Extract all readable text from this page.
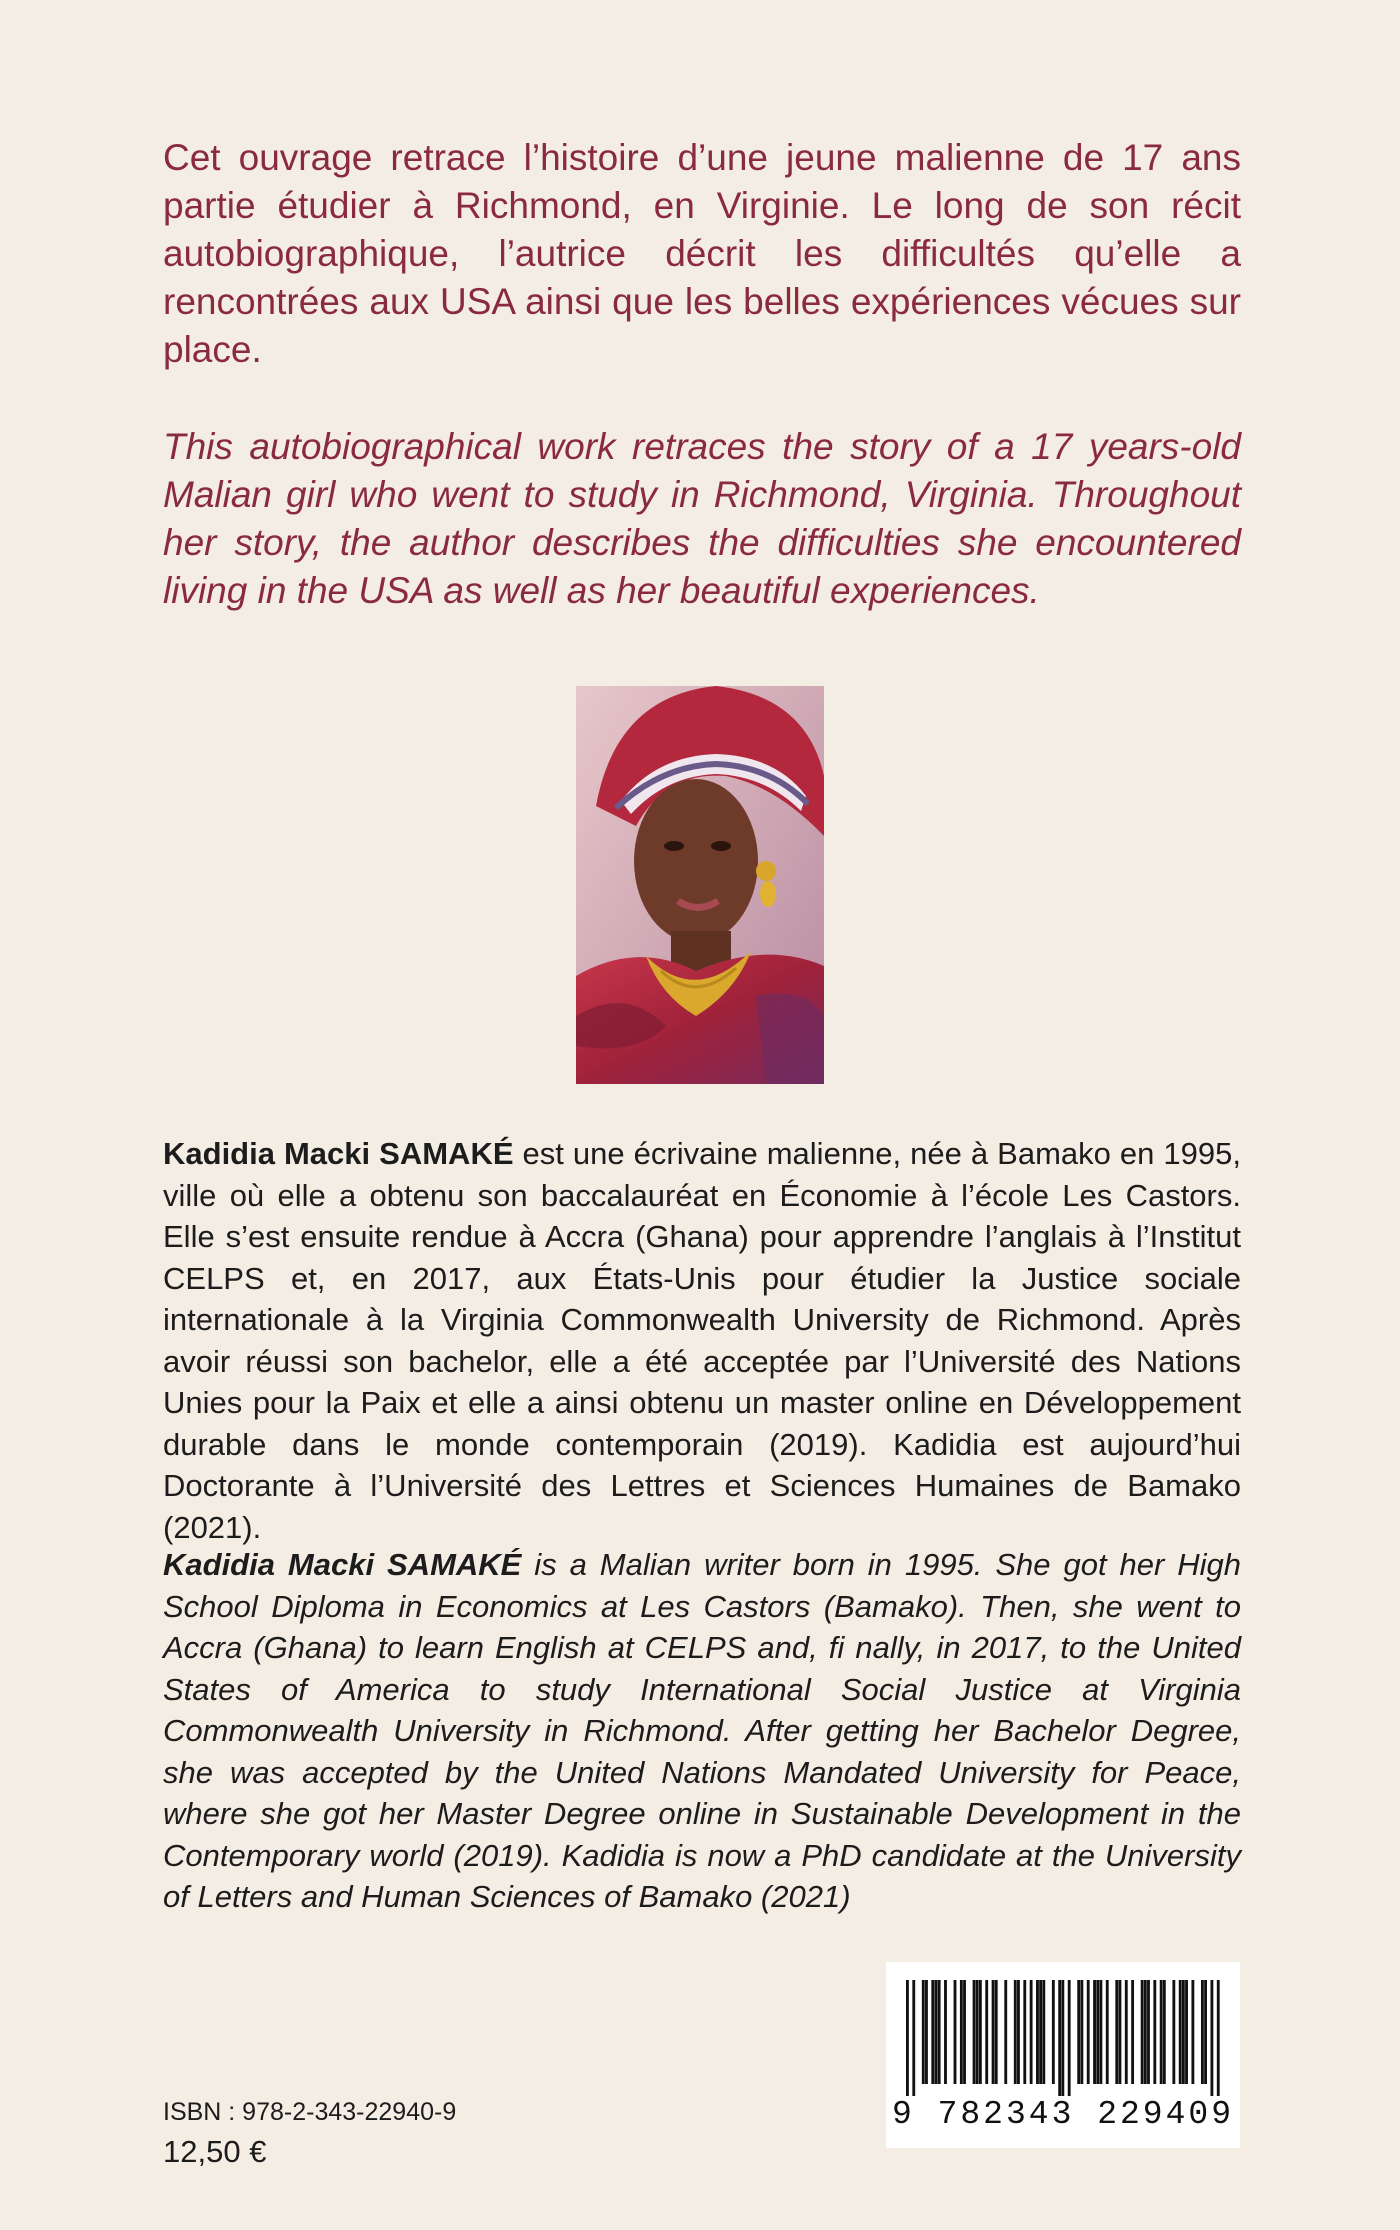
Cet ouvrage retrace l’histoire d’une jeune malienne de 17 ans partie étudier à Richmond, en Virginie. Le long de son récit autobiographique, l’autrice décrit les difficultés qu’elle a rencontrées aux USA ainsi que les belles expériences vécues sur place.

This autobiographical work retraces the story of a 17 years-old Malian girl who went to study in Richmond, Virginia. Throughout her story, the author describes the difficulties she encountered living in the USA as well as her beautiful experiences.

Kadidia Macki SAMAKÉ est une écrivaine malienne, née à Bamako en 1995, ville où elle a obtenu son baccalauréat en Économie à l’école Les Castors. Elle s’est ensuite rendue à Accra (Ghana) pour apprendre l’anglais à l’Institut CELPS et, en 2017, aux États-Unis pour étudier la Justice sociale internationale à la Virginia Commonwealth University de Richmond. Après avoir réussi son bachelor, elle a été acceptée par l’Université des Nations Unies pour la Paix et elle a ainsi obtenu un master online en Développement durable dans le monde contemporain (2019). Kadidia est aujourd’hui Doctorante à l’Université des Lettres et Sciences Humaines de Bamako (2021).

Kadidia Macki SAMAKÉ is a Malian writer born in 1995. She got her High School Diploma in Economics at Les Castors (Bamako). Then, she went to Accra (Ghana) to learn English at CELPS and, fi nally, in 2017, to the United States of America to study International Social Justice at Virginia Commonwealth University in Richmond. After getting her Bachelor Degree, she was accepted by the United Nations Mandated University for Peace, where she got her Master Degree online in Sustainable Development in the Contemporary world (2019). Kadidia is now a PhD candidate at the University of Letters and Human Sciences of Bamako (2021)

ISBN : 978-2-343-22940-9
12,50 €
9 782343 229409
